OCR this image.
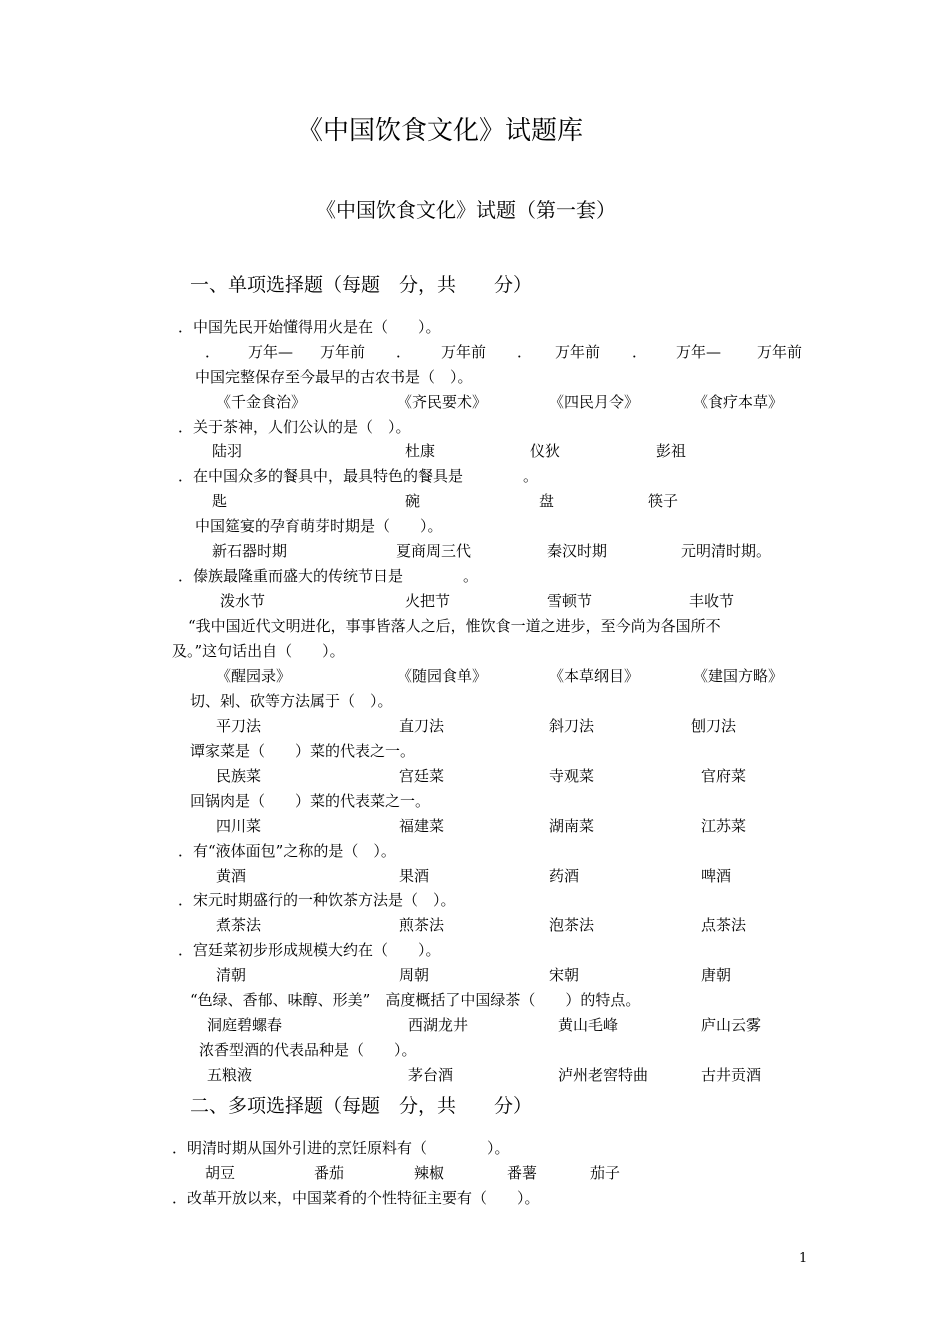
《中国饮食文化》试题库
《中国饮食文化》试题（第一套）
一、单项选择题（每题　分，共　　分）
．中国先民开始懂得用火是在（　　）。
． 万年— 万年前 ． 万年前 ． 万年前 ． 万年— 万年前
中国完整保存至今最早的古农书是（　）。
《千金食治》	《齐民要术》	《四民月令》	《食疗本草》
．关于茶神，人们公认的是（　）。
陆羽	杜康	仪狄	彭祖
．在中国众多的餐具中，最具特色的餐具是　　　　。
匙	碗	盘	筷子
中国筵宴的孕育萌芽时期是（　　）。
新石器时期	夏商周三代	秦汉时期	元明清时期。
．傣族最隆重而盛大的传统节日是　　　　。
泼水节	火把节	雪顿节	丰收节
“我中国近代文明进化，事事皆落人之后，惟饮食一道之进步，至今尚为各国所不
及。”这句话出自（　　）。
《醒园录》	《随园食单》	《本草纲目》	《建国方略》
切、剁、砍等方法属于（　）。
平刀法	直刀法	斜刀法	刨刀法
谭家菜是（　　）菜的代表之一。
民族菜	宫廷菜	寺观菜	官府菜
回锅肉是（　　）菜的代表菜之一。
四川菜	福建菜	湖南菜	江苏菜
．有“液体面包”之称的是（　）。
黄酒	果酒	药酒	啤酒
．宋元时期盛行的一种饮茶方法是（　）。
煮茶法	煎茶法	泡茶法	点茶法
．宫廷菜初步形成规模大约在（　　）。
清朝	周朝	宋朝	唐朝
“色绿、香郁、味醇、形美”　高度概括了中国绿茶（　　）的特点。
洞庭碧螺春	西湖龙井	黄山毛峰	庐山云雾
浓香型酒的代表品种是（　　）。
五粮液	茅台酒	泸州老窖特曲	古井贡酒
二、多项选择题（每题　分，共　　分）
．明清时期从国外引进的烹饪原料有（　　　　）。
胡豆	番茄	辣椒	番薯	茄子
．改革开放以来，中国菜肴的个性特征主要有（　　）。
1
